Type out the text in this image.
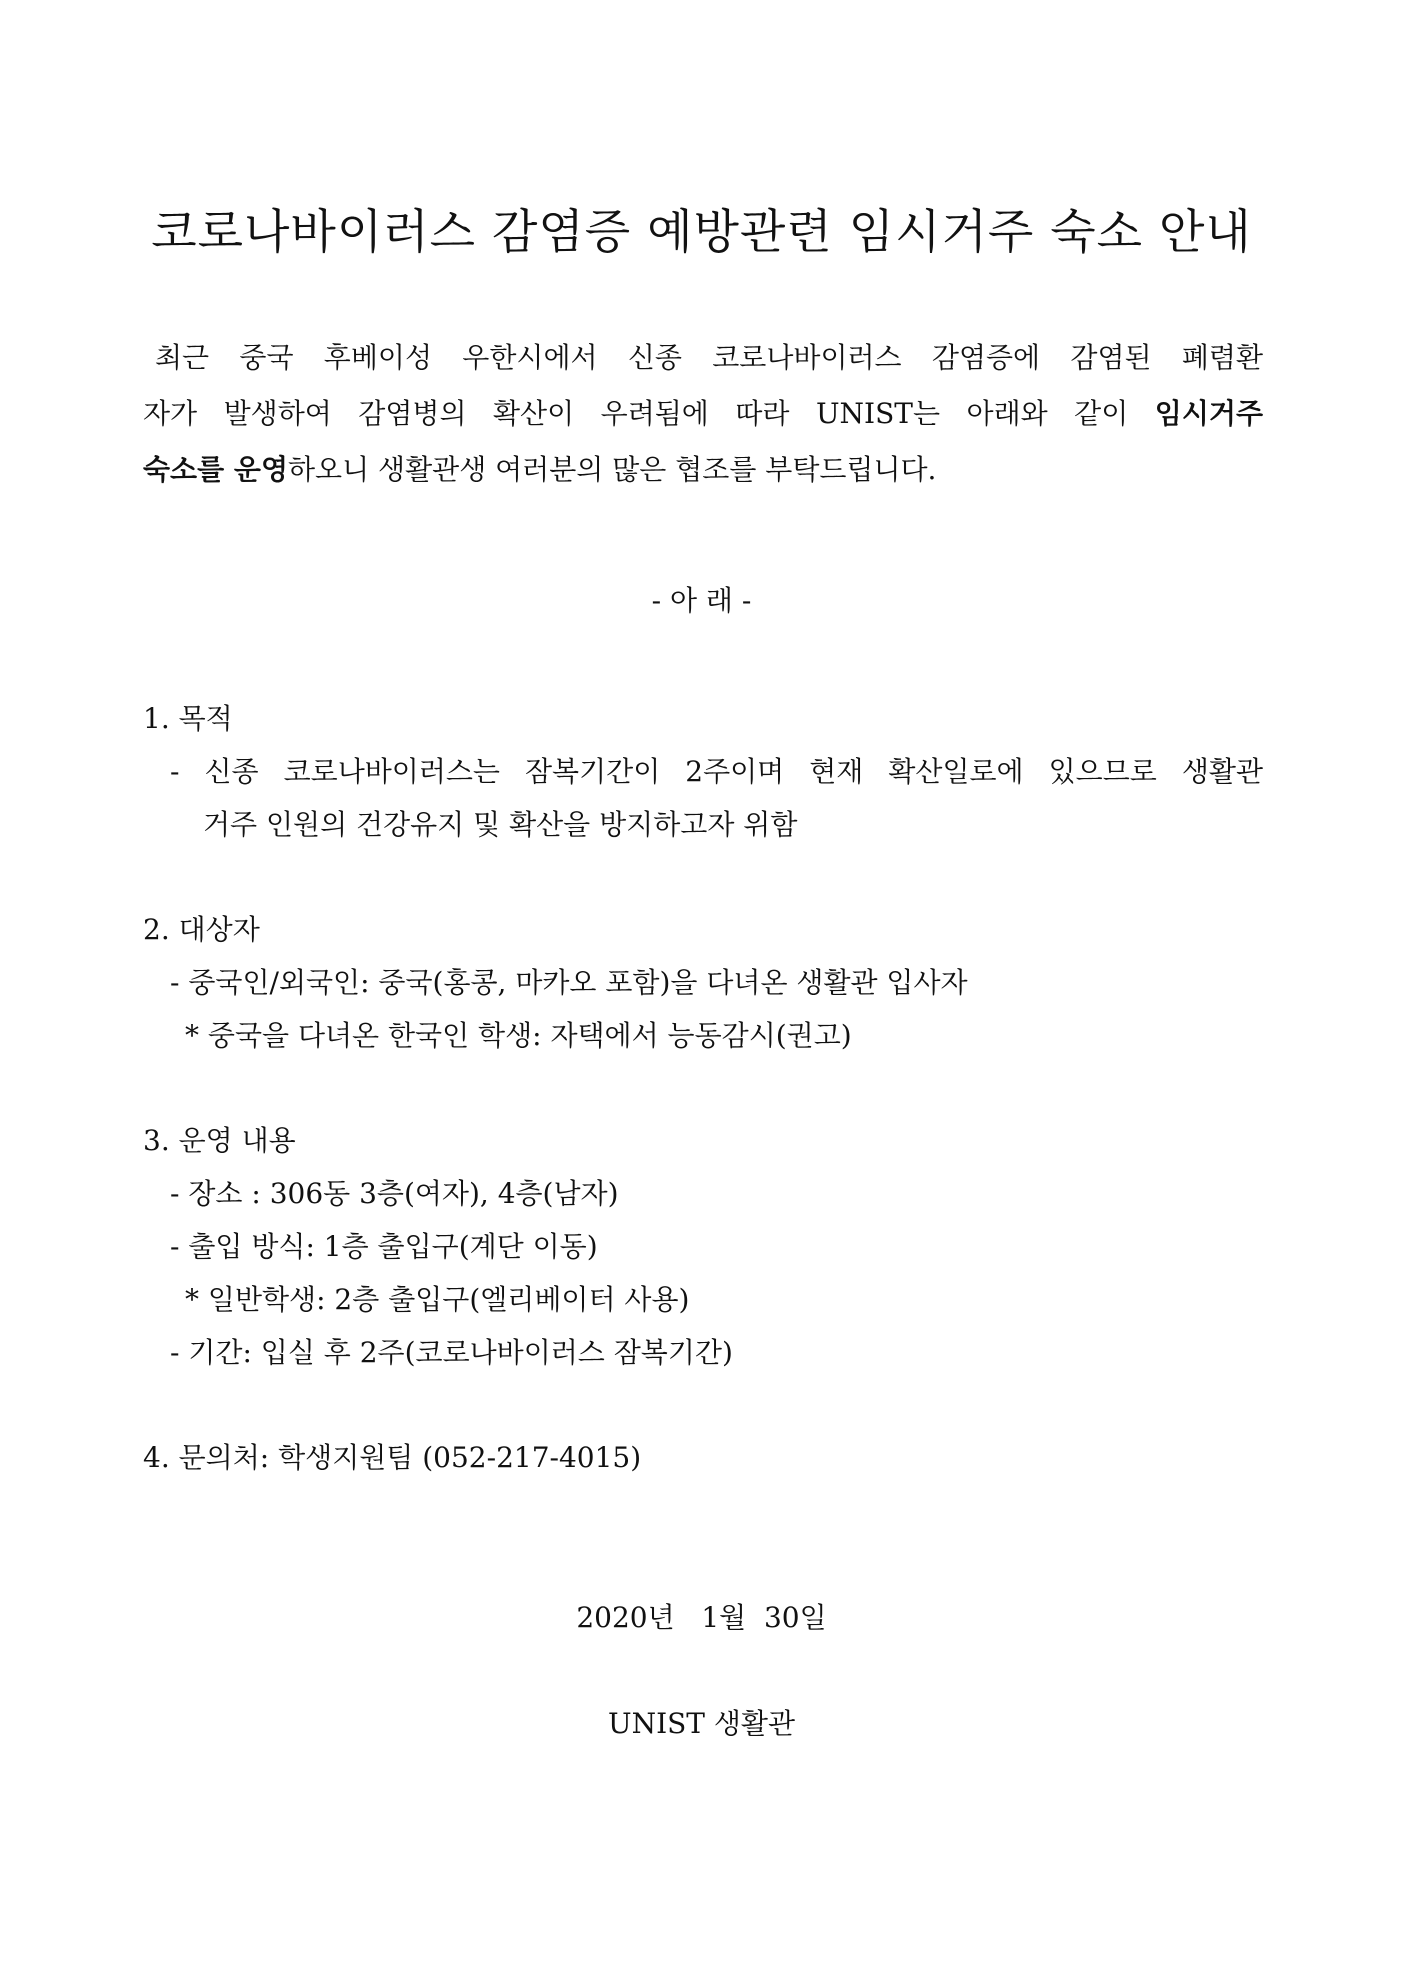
코로나바이러스 감염증 예방관련 임시거주 숙소 안내
최근 중국 후베이성 우한시에서 신종 코로나바이러스 감염증에 감염된 폐렴환
자가 발생하여 감염병의 확산이 우려됨에 따라 UNIST는 아래와 같이 임시거주
숙소를 운영하오니 생활관생 여러분의 많은 협조를 부탁드립니다.
- 아 래 -
1. 목적
- 신종 코로나바이러스는 잠복기간이 2주이며 현재 확산일로에 있으므로 생활관
거주 인원의 건강유지 및 확산을 방지하고자 위함
2. 대상자
- 중국인/외국인: 중국(홍콩, 마카오 포함)을 다녀온 생활관 입사자
* 중국을 다녀온 한국인 학생: 자택에서 능동감시(권고)
3. 운영 내용
- 장소 : 306동 3층(여자), 4층(남자)
- 출입 방식: 1층 출입구(계단 이동)
* 일반학생: 2층 출입구(엘리베이터 사용)
- 기간: 입실 후 2주(코로나바이러스 잠복기간)
4. 문의처: 학생지원팀 (052-217-4015)
2020년   1월  30일
UNIST 생활관
